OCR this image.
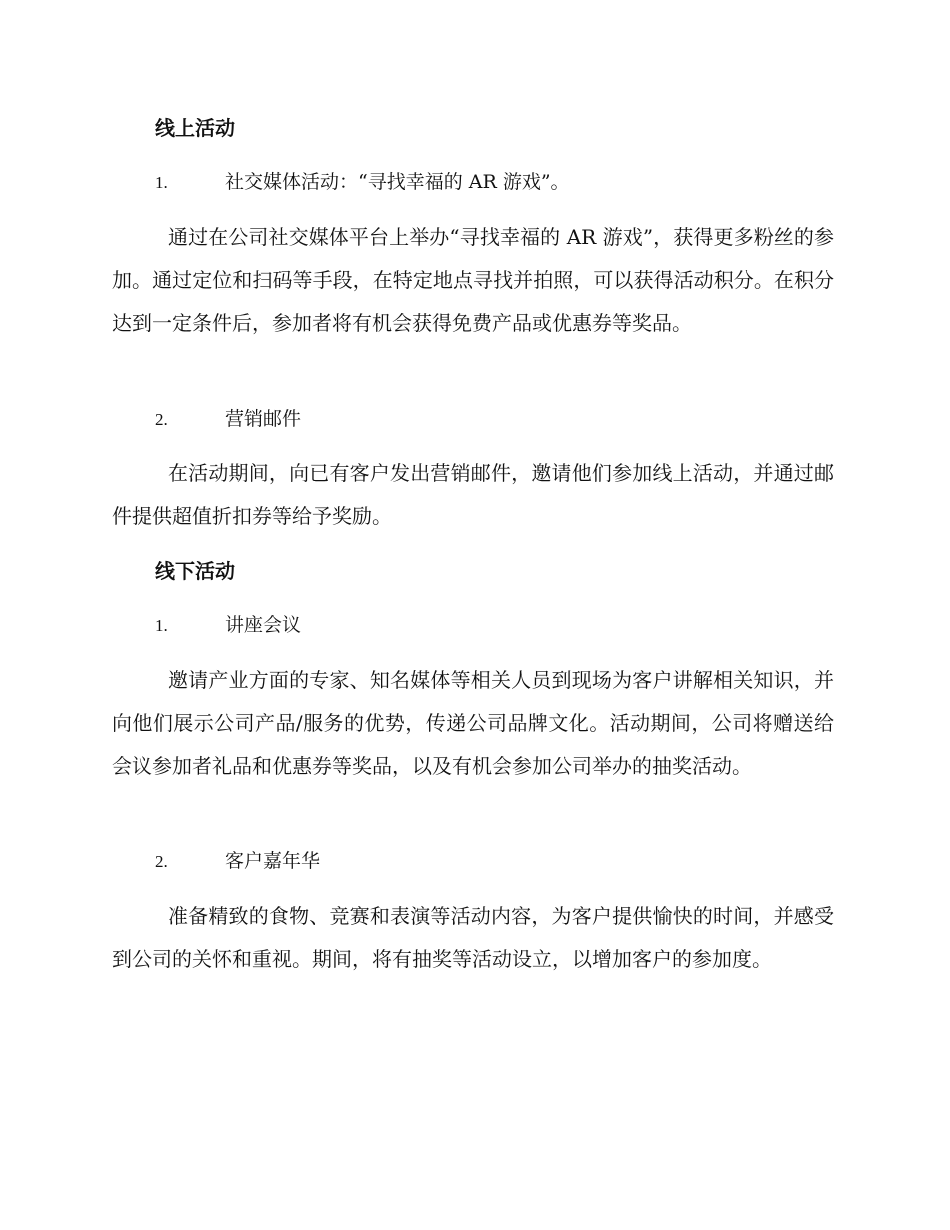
线上活动
1.	社交媒体活动：“寻找幸福的 AR 游戏”。

通过在公司社交媒体平台上举办“寻找幸福的 AR 游戏”，获得更多粉丝的参加。通过定位和扫码等手段，在特定地点寻找并拍照，可以获得活动积分。在积分达到一定条件后，参加者将有机会获得免费产品或优惠券等奖品。

2.	营销邮件

在活动期间，向已有客户发出营销邮件，邀请他们参加线上活动，并通过邮件提供超值折扣券等给予奖励。

线下活动
1.	讲座会议

邀请产业方面的专家、知名媒体等相关人员到现场为客户讲解相关知识，并向他们展示公司产品/服务的优势，传递公司品牌文化。活动期间，公司将赠送给会议参加者礼品和优惠券等奖品，以及有机会参加公司举办的抽奖活动。

2.	客户嘉年华

准备精致的食物、竞赛和表演等活动内容，为客户提供愉快的时间，并感受到公司的关怀和重视。期间，将有抽奖等活动设立，以增加客户的参加度。
